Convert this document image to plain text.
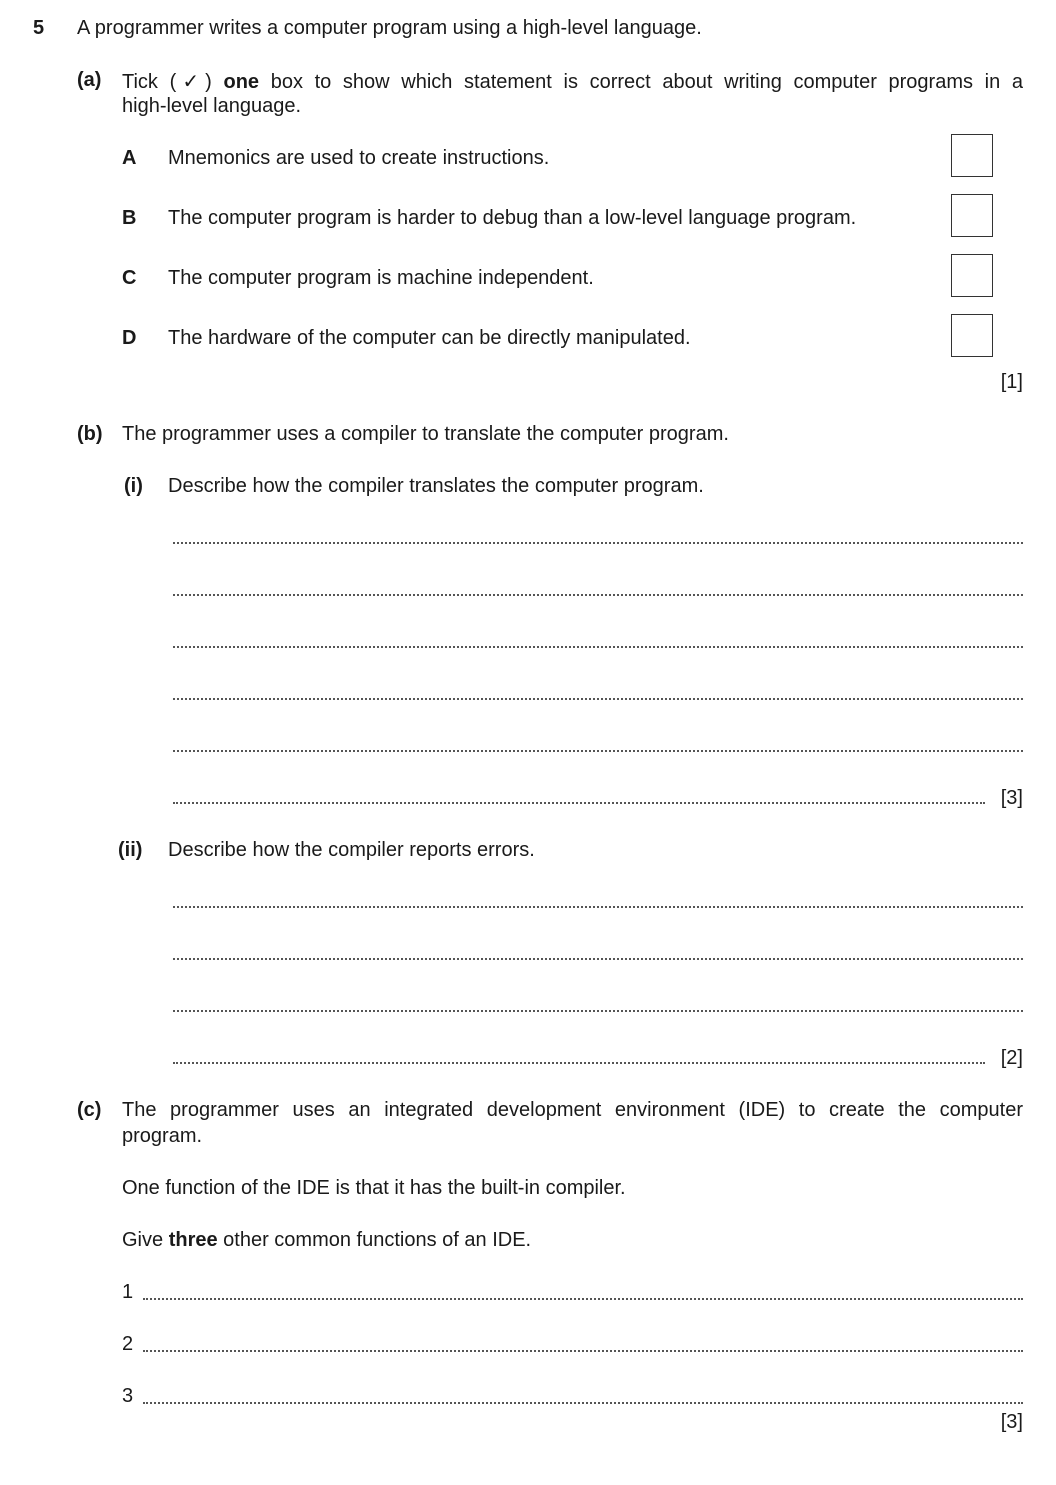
5 A programmer writes a computer program using a high-level language.
(a) Tick (✓) one box to show which statement is correct about writing computer programs in a
high-level language.
A Mnemonics are used to create instructions.
B The computer program is harder to debug than a low-level language program.
C The computer program is machine independent.
D The hardware of the computer can be directly manipulated.
[1]
(b) The programmer uses a compiler to translate the computer program.
(i) Describe how the compiler translates the computer program.
[3]
(ii) Describe how the compiler reports errors.
[2]
(c) The programmer uses an integrated development environment (IDE) to create the computer
program.
One function of the IDE is that it has the built-in compiler.
Give three other common functions of an IDE.
1
2
3
[3]
